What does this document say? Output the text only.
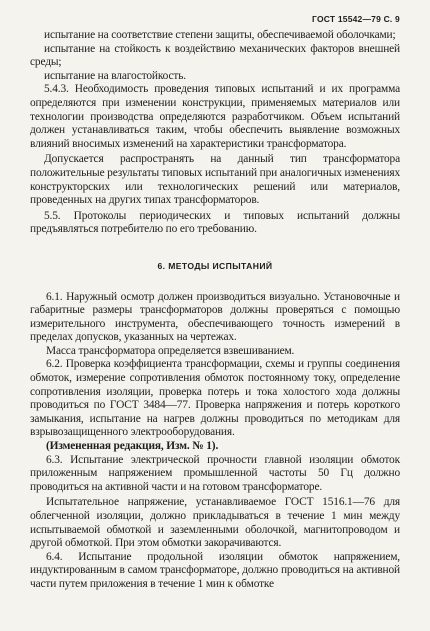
ГОСТ 15542—79 С. 9

испытание на соответствие степени защиты, обеспечиваемой оболочками;

испытание на стойкость к воздействию механических факторов внешней среды;

испытание на влагостойкость.

5.4.3. Необходимость проведения типовых испытаний и их программа определяются при изменении конструкции, применяемых материалов или технологии производства определяются разработчиком. Объем испытаний должен устанавливаться таким, чтобы обеспечить выявление возможных влияний вносимых изменений на характеристики трансформатора.

Допускается распространять на данный тип трансформатора положительные результаты типовых испытаний при аналогичных изменениях конструкторских или технологических решений или материалов, проведенных на других типах трансформаторов.

5.5. Протоколы периодических и типовых испытаний должны предъявляться потребителю по его требованию.

6. МЕТОДЫ ИСПЫТАНИЙ

6.1. Наружный осмотр должен производиться визуально. Установочные и габаритные размеры трансформаторов должны проверяться с помощью измерительного инструмента, обеспечивающего точность измерений в пределах допусков, указанных на чертежах.

Масса трансформатора определяется взвешиванием.

6.2. Проверка коэффициента трансформации, схемы и группы соединения обмоток, измерение сопротивления обмоток постоянному току, определение сопротивления изоляции, проверка потерь и тока холостого хода должны проводиться по ГОСТ 3484—77. Проверка напряжения и потерь короткого замыкания, испытание на нагрев должны проводиться по методикам для взрывозащищенного электрооборудования.

(Измененная редакция, Изм. № 1).

6.3. Испытание электрической прочности главной изоляции обмоток приложенным напряжением промышленной частоты 50 Гц должно проводиться на активной части и на готовом трансформаторе.

Испытательное напряжение, устанавливаемое ГОСТ 1516.1—76 для облегченной изоляции, должно прикладываться в течение 1 мин между испытываемой обмоткой и заземленными оболочкой, магнитопроводом и другой обмоткой. При этом обмотки закорачиваются.

6.4. Испытание продольной изоляции обмоток напряжением, индуктированным в самом трансформаторе, должно проводиться на активной части путем приложения в течение 1 мин к обмотке
